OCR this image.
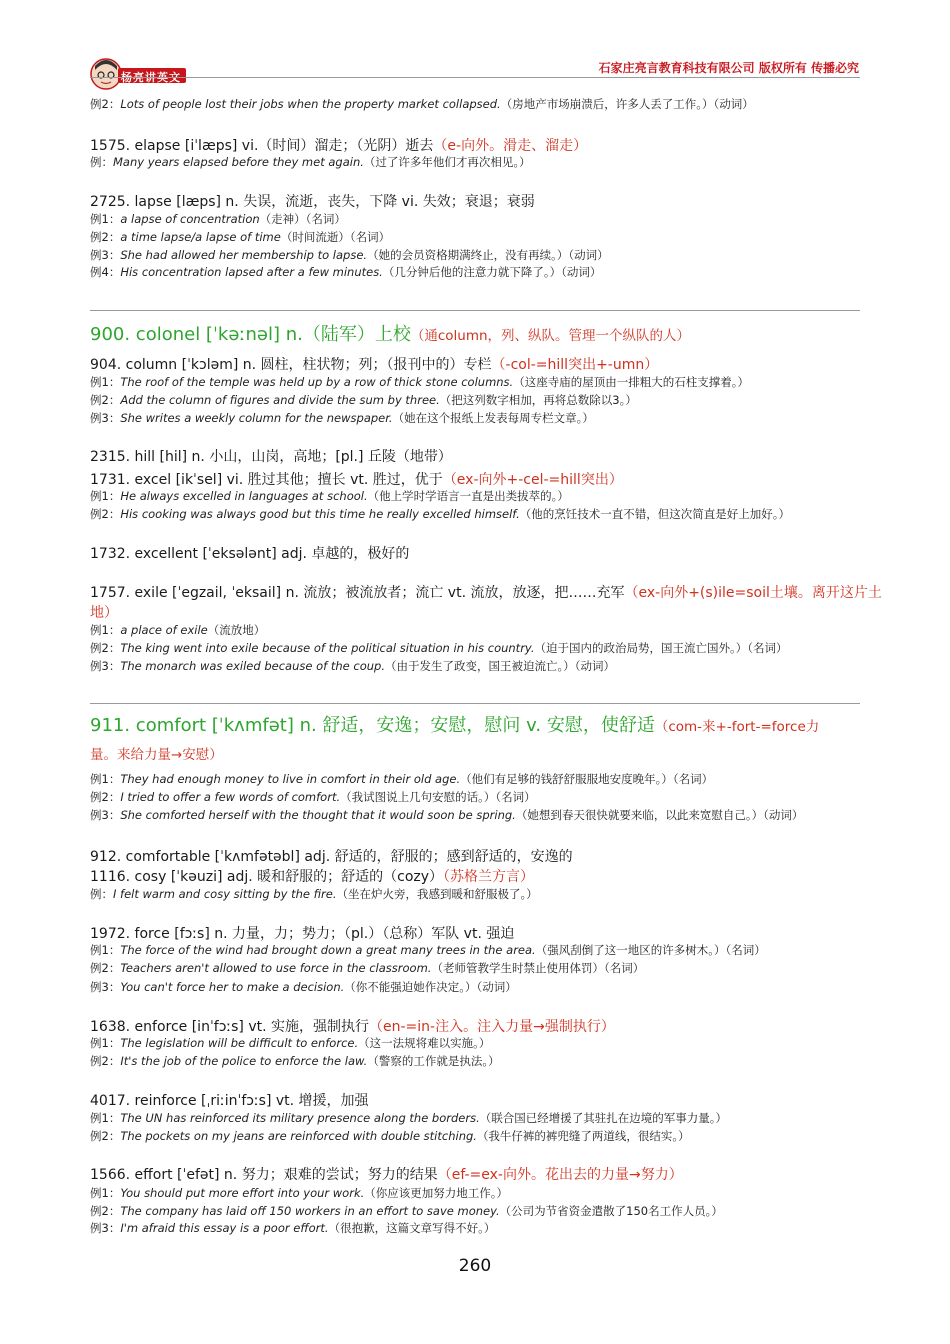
杨亮讲英文
石家庄亮言教育科技有限公司 版权所有 传播必究
例2：Lots of people lost their jobs when the property market collapsed.（房地产市场崩溃后，许多人丢了工作。）（动词）
1575. elapse [iˈlæps] vi.（时间）溜走；（光阴）逝去（e-向外。滑走、溜走）
例：Many years elapsed before they met again.（过了许多年他们才再次相见。）
2725. lapse [læps] n. 失误，流逝，丧失，下降 vi. 失效；衰退；衰弱
例1：a lapse of concentration（走神）（名词）
例2：a time lapse/a lapse of time（时间流逝）（名词）
例3：She had allowed her membership to lapse.（她的会员资格期满终止，没有再续。）（动词）
例4：His concentration lapsed after a few minutes.（几分钟后他的注意力就下降了。）（动词）
900. colonel [ˈkəːnəl] n.（陆军）上校（通column，列、纵队。管理一个纵队的人）
904. column [ˈkɔləm] n. 圆柱，柱状物；列；（报刊中的）专栏（-col-=hill突出+-umn）
例1：The roof of the temple was held up by a row of thick stone columns.（这座寺庙的屋顶由一排粗大的石柱支撑着。）
例2：Add the column of figures and divide the sum by three.（把这列数字相加，再将总数除以3。）
例3：She writes a weekly column for the newspaper.（她在这个报纸上发表每周专栏文章。）
2315. hill [hil] n. 小山，山岗，高地；[pl.] 丘陵（地带）
1731. excel [ikˈsel] vi. 胜过其他；擅长 vt. 胜过，优于（ex-向外+-cel-=hill突出）
例1：He always excelled in languages at school.（他上学时学语言一直是出类拔萃的。）
例2：His cooking was always good but this time he really excelled himself.（他的烹饪技术一直不错，但这次简直是好上加好。）
1732. excellent [ˈeksələnt] adj. 卓越的，极好的
1757. exile [ˈegzail, ˈeksail] n. 流放；被流放者；流亡 vt. 流放，放逐，把……充军（ex-向外+(s)ile=soil土壤。离开这片土
地）
例1：a place of exile（流放地）
例2：The king went into exile because of the political situation in his country.（迫于国内的政治局势，国王流亡国外。）（名词）
例3：The monarch was exiled because of the coup.（由于发生了政变，国王被迫流亡。）（动词）
911. comfort [ˈkʌmfət] n. 舒适，安逸；安慰，慰问 v. 安慰，使舒适（com-来+-fort-=force力
量。来给力量→安慰）
例1：They had enough money to live in comfort in their old age.（他们有足够的钱舒舒服服地安度晚年。）（名词）
例2：I tried to offer a few words of comfort.（我试图说上几句安慰的话。）（名词）
例3：She comforted herself with the thought that it would soon be spring.（她想到春天很快就要来临，以此来宽慰自己。）（动词）
912. comfortable [ˈkʌmfətəbl] adj. 舒适的，舒服的；感到舒适的，安逸的
1116. cosy [ˈkəuzi] adj. 暖和舒服的；舒适的（cozy）（苏格兰方言）
例：I felt warm and cosy sitting by the fire.（坐在炉火旁，我感到暖和舒服极了。）
1972. force [fɔːs] n. 力量，力；势力；（pl.）（总称）军队 vt. 强迫
例1：The force of the wind had brought down a great many trees in the area.（强风刮倒了这一地区的许多树木。）（名词）
例2：Teachers aren't allowed to use force in the classroom.（老师管教学生时禁止使用体罚）（名词）
例3：You can't force her to make a decision.（你不能强迫她作决定。）（动词）
1638. enforce [inˈfɔːs] vt. 实施，强制执行（en-=in-注入。注入力量→强制执行）
例1：The legislation will be difficult to enforce.（这一法规将难以实施。）
例2：It's the job of the police to enforce the law.（警察的工作就是执法。）
4017. reinforce [ˌriːinˈfɔːs] vt. 增援，加强
例1：The UN has reinforced its military presence along the borders.（联合国已经增援了其驻扎在边境的军事力量。）
例2：The pockets on my jeans are reinforced with double stitching.（我牛仔裤的裤兜缝了两道线，很结实。）
1566. effort [ˈefət] n. 努力；艰难的尝试；努力的结果（ef-=ex-向外。花出去的力量→努力）
例1：You should put more effort into your work.（你应该更加努力地工作。）
例2：The company has laid off 150 workers in an effort to save money.（公司为节省资金遣散了150名工作人员。）
例3：I'm afraid this essay is a poor effort.（很抱歉，这篇文章写得不好。）
260
